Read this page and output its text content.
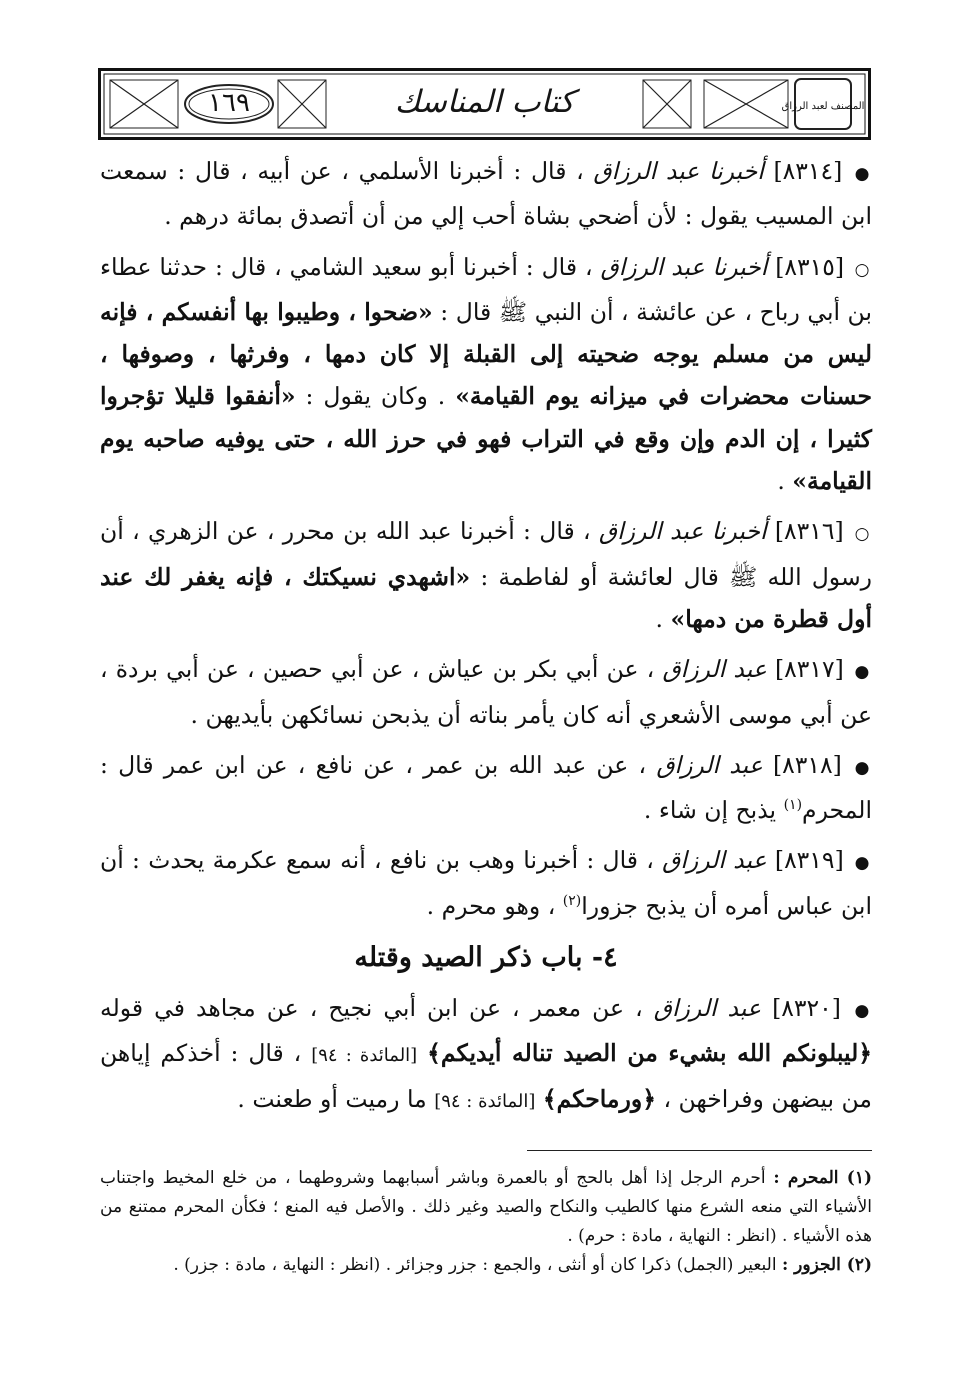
١٦٩	كتاب المناسك	المصنف لعبد الرزاق

● [٨٣١٤] أخبرنا عبد الرزاق ، قال : أخبرنا الأسلمي ، عن أبيه ، قال : سمعت ابن المسيب يقول : لأن أضحي بشاة أحب إلي من أن أتصدق بمائة درهم .

○ [٨٣١٥] أخبرنا عبد الرزاق ، قال : أخبرنا أبو سعيد الشامي ، قال : حدثنا عطاء بن أبي رباح ، عن عائشة ، أن النبي ﷺ قال : «ضحوا ، وطيبوا بها أنفسكم ، فإنه ليس من مسلم يوجه ضحيته إلى القبلة إلا كان دمها ، وفرثها ، وصوفها ، حسنات محضرات في ميزانه يوم القيامة» . وكان يقول : «أنفقوا قليلا تؤجروا كثيرا ، إن الدم وإن وقع في التراب فهو في حرز الله ، حتى يوفيه صاحبه يوم القيامة» .

○ [٨٣١٦] أخبرنا عبد الرزاق ، قال : أخبرنا عبد الله بن محرر ، عن الزهري ، أن رسول الله ﷺ قال لعائشة أو لفاطمة : «اشهدي نسيكتك ، فإنه يغفر لك عند أول قطرة من دمها» .

● [٨٣١٧] عبد الرزاق ، عن أبي بكر بن عياش ، عن أبي حصين ، عن أبي بردة ، عن أبي موسى الأشعري أنه كان يأمر بناته أن يذبحن نسائكهن بأيديهن .

● [٨٣١٨] عبد الرزاق ، عن عبد الله بن عمر ، عن نافع ، عن ابن عمر قال : المحرم$^{(١)}$ يذبح إن شاء .

● [٨٣١٩] عبد الرزاق ، قال : أخبرنا وهب بن نافع ، أنه سمع عكرمة يحدث : أن ابن عباس أمره أن يذبح جزورا$^{(٢)}$ ، وهو محرم .

٤- باب ذكر الصيد وقتله

● [٨٣٢٠] عبد الرزاق ، عن معمر ، عن ابن أبي نجيح ، عن مجاهد في قوله ﴿ليبلونكم الله بشيء من الصيد تناله أيديكم﴾ [المائدة : ٩٤] ، قال : أخذكم إياهن من بيضهن وفراخهن ، ﴿ورماحكم﴾ [المائدة : ٩٤] ما رميت أو طعنت .

(١) المحرم : أحرم الرجل إذا أهل بالحج أو بالعمرة وباشر أسبابهما وشروطهما ، من خلع المخيط واجتناب الأشياء التي منعه الشرع منها كالطيب والنكاح والصيد وغير ذلك . والأصل فيه المنع ؛ فكأن المحرم ممتنع من هذه الأشياء . (انظر : النهاية ، مادة : حرم) .

(٢) الجزور : البعير (الجمل) ذكرا كان أو أنثى ، والجمع : جزر وجزائر . (انظر : النهاية ، مادة : جزر) .
